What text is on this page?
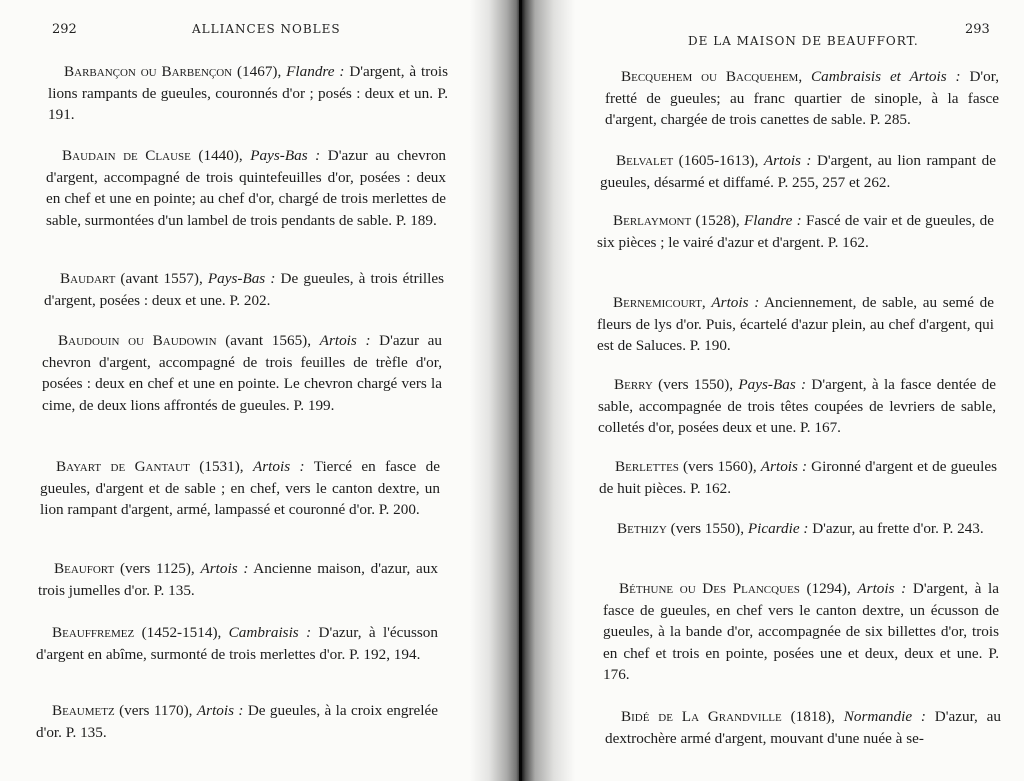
292	ALLIANCES NOBLES

Barbançon ou Barbençon (1467), Flandre : D'argent, à trois lions rampants de gueules, couronnés d'or ; posés : deux et un. P. 191.

Baudain de Clause (1440), Pays-Bas : D'azur au chevron d'argent, accompagné de trois quintefeuilles d'or, posées : deux en chef et une en pointe; au chef d'or, chargé de trois merlettes de sable, surmontées d'un lambel de trois pendants de sable. P. 189.

Baudart (avant 1557), Pays-Bas : De gueules, à trois étrilles d'argent, posées : deux et une. P. 202.

Baudouin ou Baudowin (avant 1565), Artois : D'azur au chevron d'argent, accompagné de trois feuilles de trèfle d'or, posées : deux en chef et une en pointe. Le chevron chargé vers la cime, de deux lions affrontés de gueules. P. 199.

Bayart de Gantaut (1531), Artois : Tiercé en fasce de gueules, d'argent et de sable ; en chef, vers le canton dextre, un lion rampant d'argent, armé, lampassé et couronné d'or. P. 200.

Beaufort (vers 1125), Artois : Ancienne maison, d'azur, aux trois jumelles d'or. P. 135.

Beauffremez (1452-1514), Cambraisis : D'azur, à l'écusson d'argent en abîme, surmonté de trois merlettes d'or. P. 192, 194.

Beaumetz (vers 1170), Artois : De gueules, à la croix engrelée d'or. P. 135.

DE LA MAISON DE BEAUFFORT.
293

Becquehem ou Bacquehem, Cambraisis et Artois : D'or, fretté de gueules; au franc quartier de sinople, à la fasce d'argent, chargée de trois canettes de sable. P. 285.

Belvalet (1605-1613), Artois : D'argent, au lion rampant de gueules, désarmé et diffamé. P. 255, 257 et 262.

Berlaymont (1528), Flandre : Fascé de vair et de gueules, de six pièces ; le vairé d'azur et d'argent. P. 162.

Bernemicourt, Artois : Anciennement, de sable, au semé de fleurs de lys d'or. Puis, écartelé d'azur plein, au chef d'argent, qui est de Saluces. P. 190.

Berry (vers 1550), Pays-Bas : D'argent, à la fasce dentée de sable, accompagnée de trois têtes coupées de levriers de sable, colletés d'or, posées deux et une. P. 167.

Berlettes (vers 1560), Artois : Gironné d'argent et de gueules de huit pièces. P. 162.

Bethizy (vers 1550), Picardie : D'azur, au frette d'or. P. 243.

Béthune ou Des Plancques (1294), Artois : D'argent, à la fasce de gueules, en chef vers le canton dextre, un écusson de gueules, à la bande d'or, accompagnée de six billettes d'or, trois en chef et trois en pointe, posées une et deux, deux et une. P. 176.

Bidé de La Grandville (1818), Normandie : D'azur, au dextrochère armé d'argent, mouvant d'une nuée à se-
